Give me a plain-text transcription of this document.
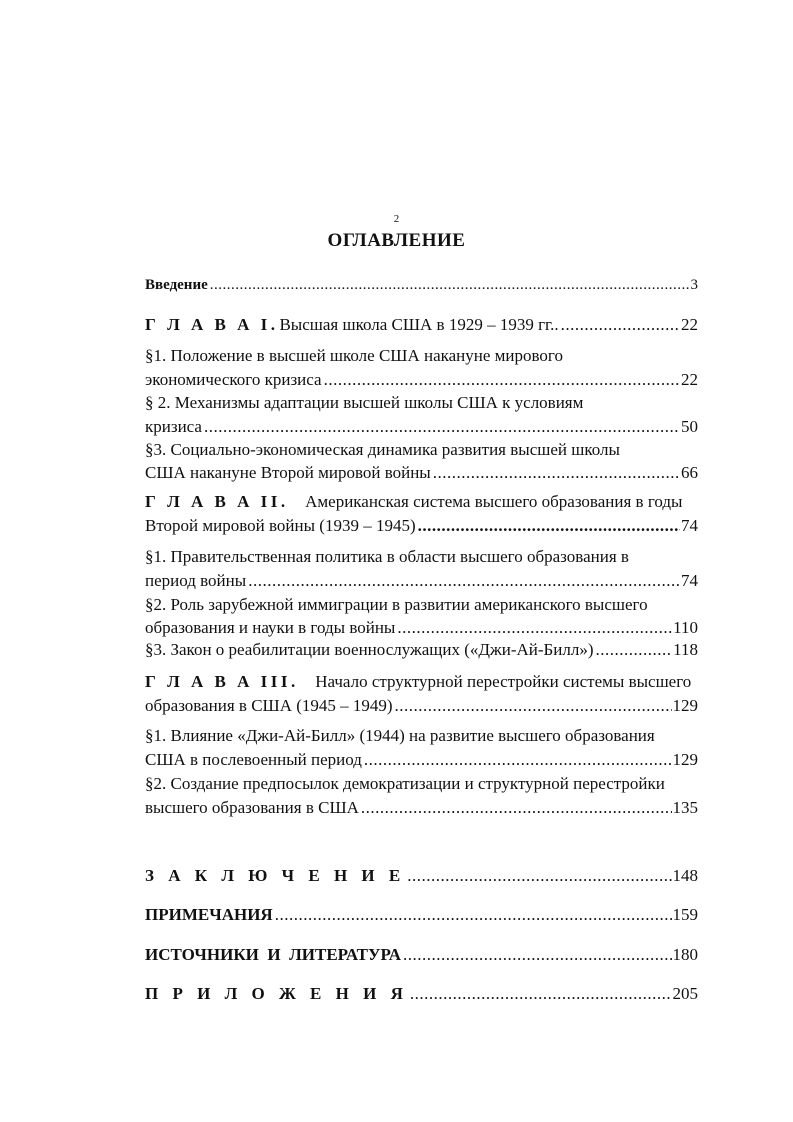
2
ОГЛАВЛЕНИЕ
Введение .....	3
Г Л А В А I. Высшая школа США в 1929 – 1939 гг.. .....	22
§1. Положение в высшей школе США накануне мирового
экономического кризиса .....	22
§ 2. Механизмы адаптации высшей школы США к условиям
кризиса .....	50
§3. Социально-экономическая динамика развития высшей школы
США накануне Второй мировой войны .....	66
Г Л А В А II. Американская система высшего образования в годы
Второй мировой войны (1939 – 1945) .....	74
§1. Правительственная политика в области высшего образования в
период войны .....	74
§2. Роль зарубежной иммиграции в развитии американского высшего
образования и науки в годы войны .....	110
§3. Закон о реабилитации военнослужащих («Джи-Ай-Билл») .....	118
Г Л А В А III. Начало структурной перестройки системы высшего
образования в США (1945 – 1949) .....	129
§1. Влияние «Джи-Ай-Билл» (1944) на развитие высшего образования
США в послевоенный период .....	129
§2. Создание предпосылок демократизации и структурной перестройки
высшего образования в США .....	135
З А К Л Ю Ч Е Н И Е .....	148
ПРИМЕЧАНИЯ .....	159
ИСТОЧНИКИ  И  ЛИТЕРАТУРА .....	180
П Р И Л О Ж Е Н И Я .....	205
